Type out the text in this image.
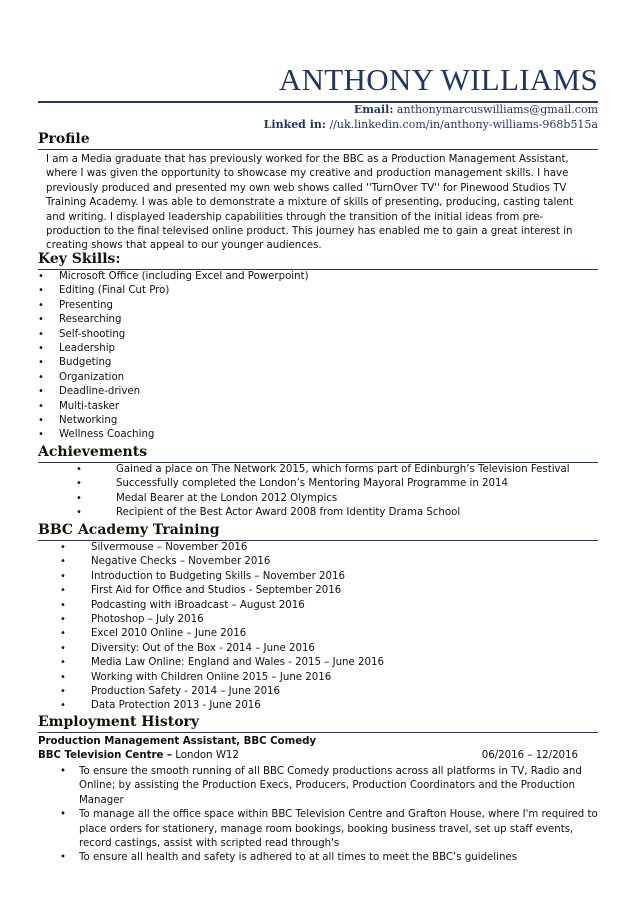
ANTHONY WILLIAMS
Email: anthonymarcuswilliams@gmail.com
Linked in: //uk.linkedin.com/in/anthony-williams-968b515a
Profile
I am a Media graduate that has previously worked for the BBC as a Production Management Assistant, where I was given the opportunity to showcase my creative and production management skills. I have previously produced and presented my own web shows called ''TurnOver TV'' for Pinewood Studios TV Training Academy. I was able to demonstrate a mixture of skills of presenting, producing, casting talent and writing. I displayed leadership capabilities through the transition of the initial ideas from pre-production to the final televised online product. This journey has enabled me to gain a great interest in creating shows that appeal to our younger audiences.
Key Skills:
• Microsoft Office (including Excel and Powerpoint)
• Editing (Final Cut Pro)
• Presenting
• Researching
• Self-shooting
• Leadership
• Budgeting
• Organization
• Deadline-driven
• Multi-tasker
• Networking
• Wellness Coaching
Achievements
•	Gained a place on The Network 2015, which forms part of Edinburgh’s Television Festival
•	Successfully completed the London’s Mentoring Mayoral Programme in 2014
•	Medal Bearer at the London 2012 Olympics
•	Recipient of the Best Actor Award 2008 from Identity Drama School
BBC Academy Training
• Silvermouse – November 2016
• Negative Checks – November 2016
• Introduction to Budgeting Skills – November 2016
• First Aid for Office and Studios - September 2016
• Podcasting with iBroadcast – August 2016
• Photoshop – July 2016
• Excel 2010 Online – June 2016
• Diversity: Out of the Box - 2014 – June 2016
• Media Law Online: England and Wales - 2015 – June 2016
• Working with Children Online 2015 – June 2016
• Production Safety - 2014 – June 2016
• Data Protection 2013 - June 2016
Employment History
Production Management Assistant, BBC Comedy
BBC Television Centre – London W12	06/2016 – 12/2016
• To ensure the smooth running of all BBC Comedy productions across all platforms in TV, Radio and Online; by assisting the Production Execs, Producers, Production Coordinators and the Production Manager
• To manage all the office space within BBC Television Centre and Grafton House, where I'm required to place orders for stationery, manage room bookings, booking business travel, set up staff events, record castings, assist with scripted read through's
• To ensure all health and safety is adhered to at all times to meet the BBC’s guidelines
